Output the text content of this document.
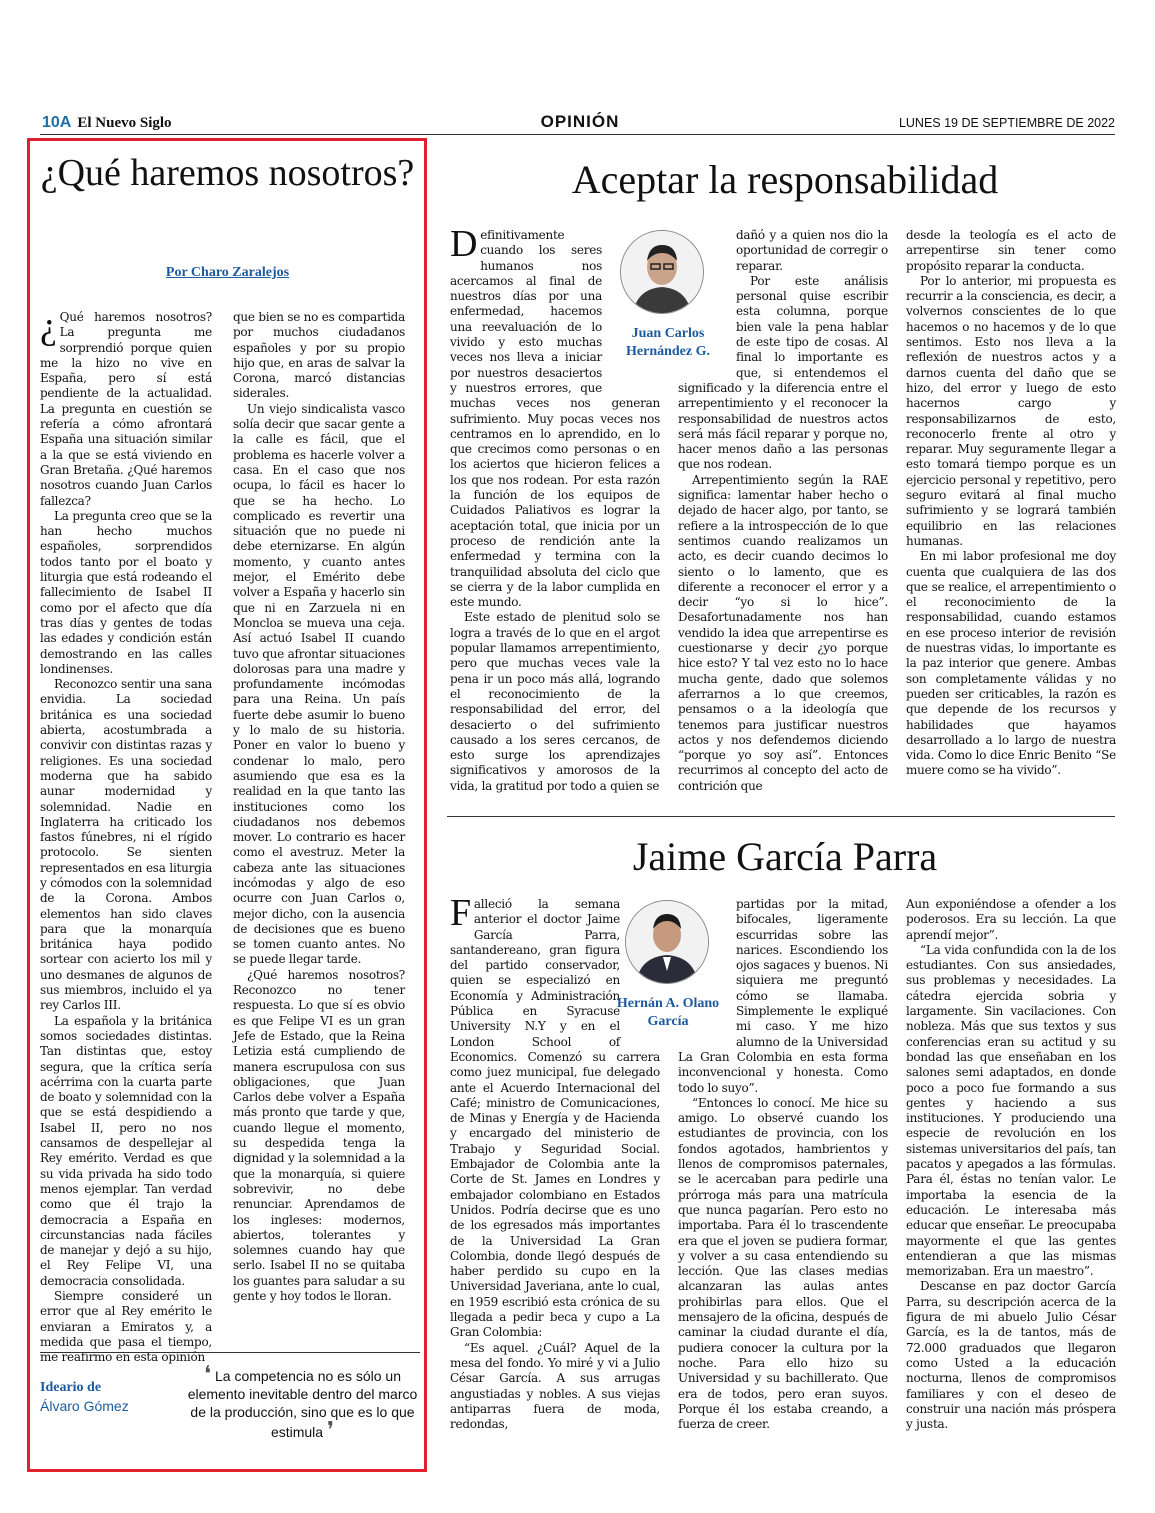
10A El Nuevo Siglo	OPINIÓN	LUNES 19 DE SEPTIEMBRE DE 2022
¿Qué haremos nosotros?
Por Charo Zaralejos

¿ Qué haremos nosotros? La pregunta me sorprendió porque quien me la hizo no vive en España, pero sí está pendiente de la actualidad. La pregunta en cuestión se refería a cómo afrontará España una situación similar a la que se está viviendo en Gran Bretaña. ¿Qué haremos nosotros cuando Juan Carlos fallezca?

La pregunta creo que se la han hecho muchos españoles, sorprendidos todos tanto por el boato y liturgia que está rodeando el fallecimiento de Isabel II como por el afecto que día tras días y gentes de todas las edades y condición están demostrando en las calles londinenses.

Reconozco sentir una sana envidia. La sociedad británica es una sociedad abierta, acostumbrada a convivir con distintas razas y religiones. Es una sociedad moderna que ha sabido aunar modernidad y solemnidad. Nadie en Inglaterra ha criticado los fastos fúnebres, ni el rígido protocolo. Se sienten representados en esa liturgia y cómodos con la solemnidad de la Corona. Ambos elementos han sido claves para que la monarquía británica haya podido sortear con acierto los mil y uno desmanes de algunos de sus miembros, incluido el ya rey Carlos III.

La española y la británica somos sociedades distintas. Tan distintas que, estoy segura, que la crítica sería acérrima con la cuarta parte de boato y solemnidad con la que se está despidiendo a Isabel II, pero no nos cansamos de despellejar al Rey emérito. Verdad es que su vida privada ha sido todo menos ejemplar. Tan verdad como que él trajo la democracia a España en circunstancias nada fáciles de manejar y dejó a su hijo, el Rey Felipe VI, una democracia consolidada.

Siempre consideré un error que al Rey emérito le enviaran a Emiratos y, a medida que pasa el tiempo, me reafirmo en esta opinión

que bien se no es compartida por muchos ciudadanos españoles y por su propio hijo que, en aras de salvar la Corona, marcó distancias siderales.

Un viejo sindicalista vasco solía decir que sacar gente a la calle es fácil, que el problema es hacerle volver a casa. En el caso que nos ocupa, lo fácil es hacer lo que se ha hecho. Lo complicado es revertir una situación que no puede ni debe eternizarse. En algún momento, y cuanto antes mejor, el Emérito debe volver a España y hacerlo sin que ni en Zarzuela ni en Moncloa se mueva una ceja. Así actuó Isabel II cuando tuvo que afrontar situaciones dolorosas para una madre y profundamente incómodas para una Reina. Un país fuerte debe asumir lo bueno y lo malo de su historia. Poner en valor lo bueno y condenar lo malo, pero asumiendo que esa es la realidad en la que tanto las instituciones como los ciudadanos nos debemos mover. Lo contrario es hacer como el avestruz. Meter la cabeza ante las situaciones incómodas y algo de eso ocurre con Juan Carlos o, mejor dicho, con la ausencia de decisiones que es bueno se tomen cuanto antes. No se puede llegar tarde.

¿Qué haremos nosotros? Reconozco no tener respuesta. Lo que sí es obvio es que Felipe VI es un gran Jefe de Estado, que la Reina Letizia está cumpliendo de manera escrupulosa con sus obligaciones, que Juan Carlos debe volver a España más pronto que tarde y que, cuando llegue el momento, su despedida tenga la dignidad y la solemnidad a la que la monarquía, si quiere sobrevivir, no debe renunciar. Aprendamos de los ingleses: modernos, abiertos, tolerantes y solemnes cuando hay que serlo. Isabel II no se quitaba los guantes para saludar a su gente y hoy todos le lloran.

Ideario de
Álvaro Gómez
❛ La competencia no es sólo un elemento inevitable dentro del marco de la producción, sino que es lo que estimula ❜
Aceptar la responsabilidad

Definitivamente cuando los seres humanos nos acercamos al final de nuestros días por una enfermedad, hacemos una reevaluación de lo vivido y esto muchas veces nos lleva a iniciar por nuestros desaciertos y nuestros errores, que muchas veces nos generan sufrimiento. Muy pocas veces nos centramos en lo aprendido, en lo que crecimos como personas o en los aciertos que hicieron felices a los que nos rodean. Por esta razón la función de los equipos de Cuidados Paliativos es lograr la aceptación total, que inicia por un proceso de rendición ante la enfermedad y termina con la tranquilidad absoluta del ciclo que se cierra y de la labor cumplida en este mundo.

Este estado de plenitud solo se logra a través de lo que en el argot popular llamamos arrepentimiento, pero que muchas veces vale la pena ir un poco más allá, logrando el reconocimiento de la responsabilidad del error, del desacierto o del sufrimiento causado a los seres cercanos, de esto surge los aprendizajes significativos y amorosos de la vida, la gratitud por todo a quien se

dañó y a quien nos dio la oportunidad de corregir o reparar.

Por este análisis personal quise escribir esta columna, porque bien vale la pena hablar de este tipo de cosas. Al final lo importante es que, si entendemos el significado y la diferencia entre el arrepentimiento y el reconocer la responsabilidad de nuestros actos será más fácil reparar y porque no, hacer menos daño a las personas que nos rodean.

Arrepentimiento según la RAE significa: lamentar haber hecho o dejado de hacer algo, por tanto, se refiere a la introspección de lo que sentimos cuando realizamos un acto, es decir cuando decimos lo siento o lo lamento, que es diferente a reconocer el error y a decir “yo si lo hice”. Desafortunadamente nos han vendido la idea que arrepentirse es cuestionarse y decir ¿yo porque hice esto? Y tal vez esto no lo hace mucha gente, dado que solemos aferrarnos a lo que creemos, pensamos o a la ideología que tenemos para justificar nuestros actos y nos defendemos diciendo “porque yo soy así”. Entonces recurrimos al concepto del acto de contrición que

desde la teología es el acto de arrepentirse sin tener como propósito reparar la conducta.

Por lo anterior, mi propuesta es recurrir a la consciencia, es decir, a volvernos conscientes de lo que hacemos o no hacemos y de lo que sentimos. Esto nos lleva a la reflexión de nuestros actos y a darnos cuenta del daño que se hizo, del error y luego de esto hacernos cargo y responsabilizarnos de esto, reconocerlo frente al otro y reparar. Muy seguramente llegar a esto tomará tiempo porque es un ejercicio personal y repetitivo, pero seguro evitará al final mucho sufrimiento y se logrará también equilibrio en las relaciones humanas.

En mi labor profesional me doy cuenta que cualquiera de las dos que se realice, el arrepentimiento o el reconocimiento de la responsabilidad, cuando estamos en ese proceso interior de revisión de nuestras vidas, lo importante es la paz interior que genere. Ambas son completamente válidas y no pueden ser criticables, la razón es que depende de los recursos y habilidades que hayamos desarrollado a lo largo de nuestra vida. Como lo dice Enric Benito “Se muere como se ha vivido”.

Juan Carlos Hernández G.
Jaime García Parra

Falleció la semana anterior el doctor Jaime García Parra, santandereano, gran figura del partido conservador, quien se especializó en Economía y Administración Pública en Syracuse University N.Y y en el London School of Economics. Comenzó su carrera como juez municipal, fue delegado ante el Acuerdo Internacional del Café; ministro de Comunicaciones, de Minas y Energía y de Hacienda y encargado del ministerio de Trabajo y Seguridad Social. Embajador de Colombia ante la Corte de St. James en Londres y embajador colombiano en Estados Unidos. Podría decirse que es uno de los egresados más importantes de la Universidad La Gran Colombia, donde llegó después de haber perdido su cupo en la Universidad Javeriana, ante lo cual, en 1959 escribió esta crónica de su llegada a pedir beca y cupo a La Gran Colombia:

“Es aquel. ¿Cuál? Aquel de la mesa del fondo. Yo miré y vi a Julio César García. A sus arrugas angustiadas y nobles. A sus viejas antiparras fuera de moda, redondas,

partidas por la mitad, bifocales, ligeramente escurridas sobre las narices. Escondiendo los ojos sagaces y buenos. Ni siquiera me preguntó cómo se llamaba. Simplemente le expliqué mi caso. Y me hizo alumno de la Universidad La Gran Colombia en esta forma inconvencional y honesta. Como todo lo suyo”.

“Entonces lo conocí. Me hice su amigo. Lo observé cuando los estudiantes de provincia, con los fondos agotados, hambrientos y llenos de compromisos paternales, se le acercaban para pedirle una prórroga más para una matrícula que nunca pagarían. Pero esto no importaba. Para él lo trascendente era que el joven se pudiera formar, y volver a su casa entendiendo su lección. Que las clases medias alcanzaran las aulas antes prohibirlas para ellos. Que el mensajero de la oficina, después de caminar la ciudad durante el día, pudiera conocer la cultura por la noche. Para ello hizo su Universidad y su bachillerato. Que era de todos, pero eran suyos. Porque él los estaba creando, a fuerza de creer.

Aun exponiéndose a ofender a los poderosos. Era su lección. La que aprendí mejor”.

“La vida confundida con la de los estudiantes. Con sus ansiedades, sus problemas y necesidades. La cátedra ejercida sobria y largamente. Sin vacilaciones. Con nobleza. Más que sus textos y sus conferencias eran su actitud y su bondad las que enseñaban en los salones semi adaptados, en donde poco a poco fue formando a sus gentes y haciendo a sus instituciones. Y produciendo una especie de revolución en los sistemas universitarios del país, tan pacatos y apegados a las fórmulas. Para él, éstas no tenían valor. Le importaba la esencia de la educación. Le interesaba más educar que enseñar. Le preocupaba mayormente el que las gentes entendieran a que las mismas memorizaban. Era un maestro”.

Descanse en paz doctor García Parra, su descripción acerca de la figura de mi abuelo Julio César García, es la de tantos, más de 72.000 graduados que llegaron como Usted a la educación nocturna, llenos de compromisos familiares y con el deseo de construir una nación más próspera y justa.

Hernán A. Olano García
